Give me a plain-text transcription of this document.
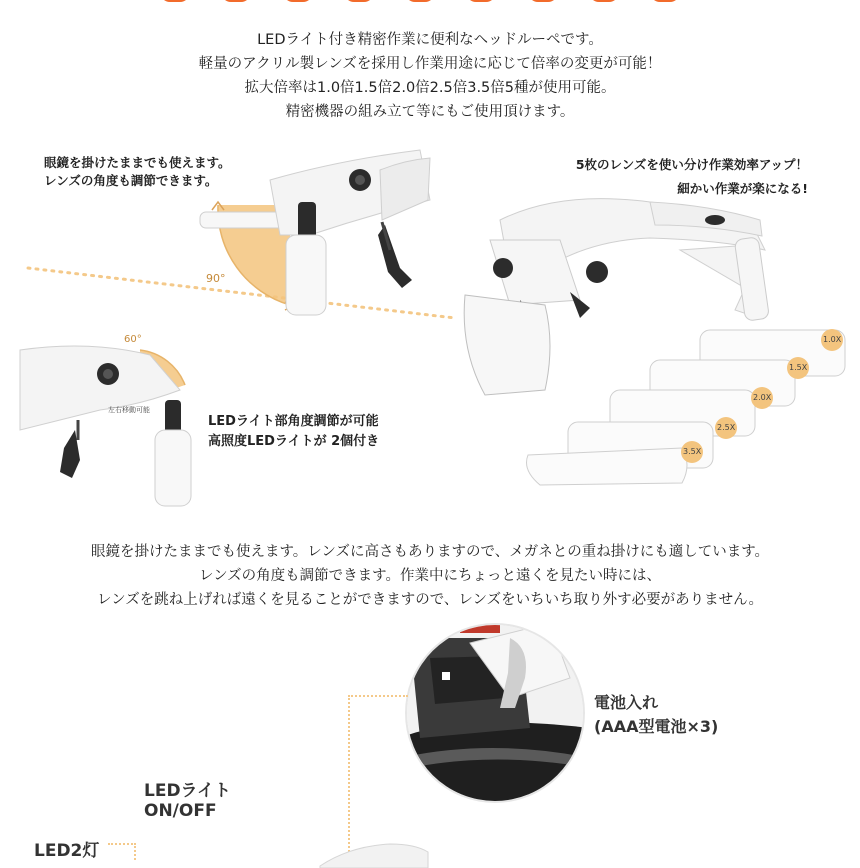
LEDライト付き精密作業に便利なヘッドルーペです。
軽量のアクリル製レンズを採用し作業用途に応じて倍率の変更が可能！
拡大倍率は1.0倍1.5倍2.0倍2.5倍3.5倍5種が使用可能。
精密機器の組み立て等にもご使用頂けます。
眼鏡を掛けたままでも使えます。
レンズの角度も調節できます。
5枚のレンズを使い分け作業効率アップ！
細かい作業が楽になる!
LEDライト部角度調節が可能
高照度LEDライトが 2個付き
90°
60°
左右移動可能
1.0X
1.5X
2.0X
2.5X
3.5X
眼鏡を掛けたままでも使えます。レンズに高さもありますので、メガネとの重ね掛けにも適しています。
レンズの角度も調節できます。作業中にちょっと遠くを見たい時には、
レンズを跳ね上げれば遠くを見ることができますので、レンズをいちいち取り外す必要がありません。
電池入れ
(AAA型電池×3)
LEDライト
ON/OFF
LED2灯
